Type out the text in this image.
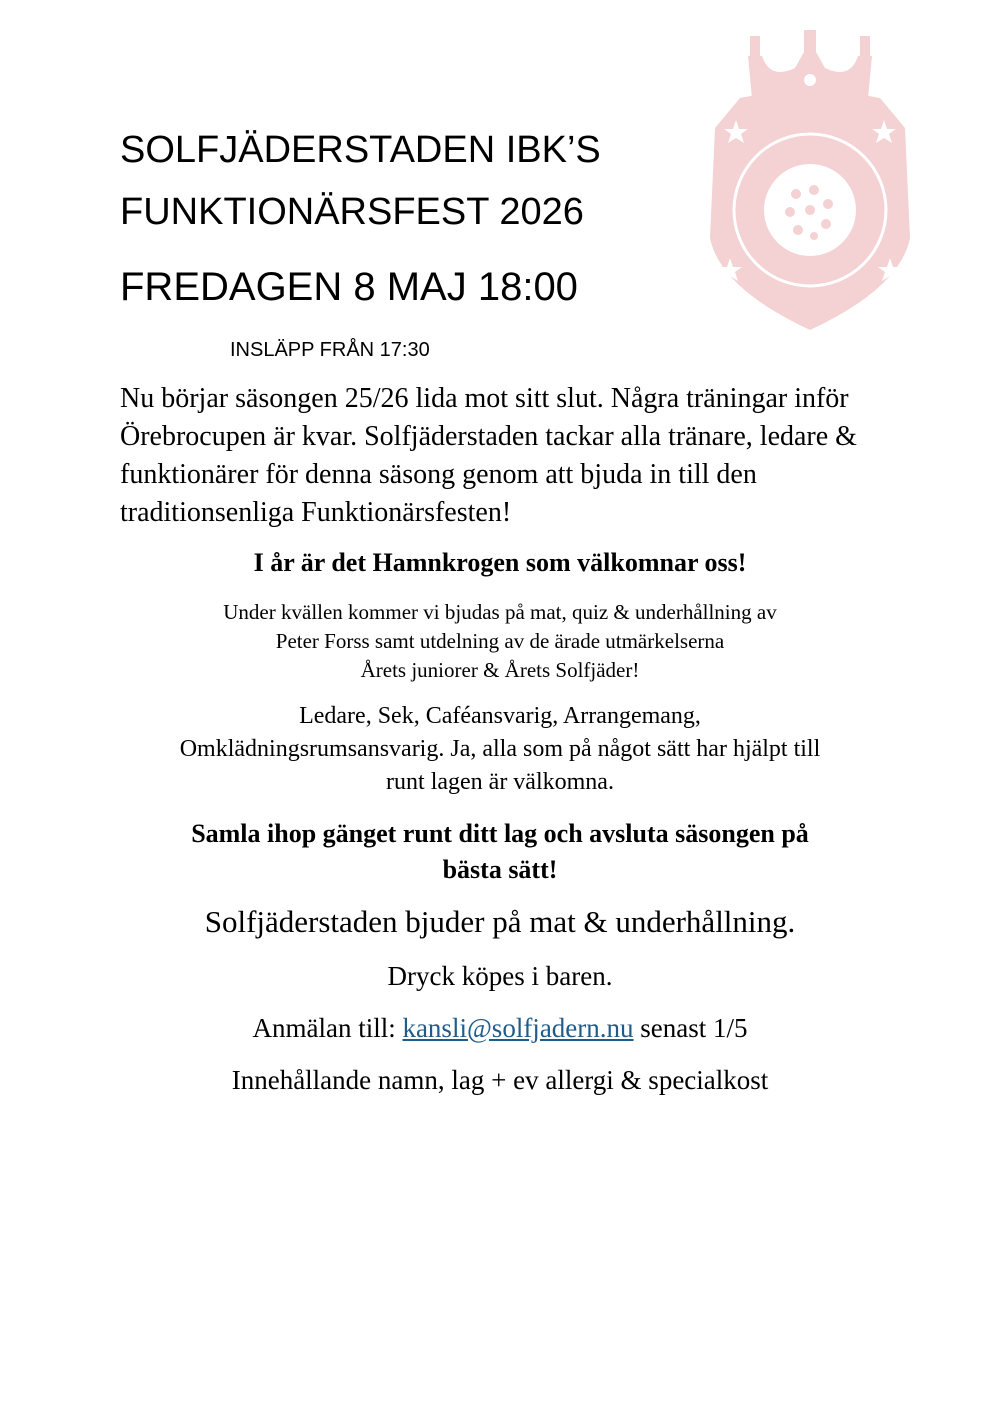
SOLFJÄDERSTADEN IBK’S
FUNKTIONÄRSFEST 2026
FREDAGEN 8 MAJ 18:00

INSLÄPP FRÅN 17:30

Nu börjar säsongen 25/26 lida mot sitt slut. Några träningar inför Örebrocupen är kvar. Solfjäderstaden tackar alla tränare, ledare & funktionärer för denna säsong genom att bjuda in till den traditionsenliga Funktionärsfesten!

I år är det Hamnkrogen som välkomnar oss!

Under kvällen kommer vi bjudas på mat, quiz & underhållning av
Peter Forss samt utdelning av de ärade utmärkelserna
Årets juniorer & Årets Solfjäder!

Ledare, Sek, Caféansvarig, Arrangemang,
Omklädningsrumsansvarig. Ja, alla som på något sätt har hjälpt till
runt lagen är välkomna.

Samla ihop gänget runt ditt lag och avsluta säsongen på
bästa sätt!

Solfjäderstaden bjuder på mat & underhållning.

Dryck köpes i baren.

Anmälan till: kansli@solfjadern.nu senast 1/5

Innehållande namn, lag + ev allergi & specialkost
